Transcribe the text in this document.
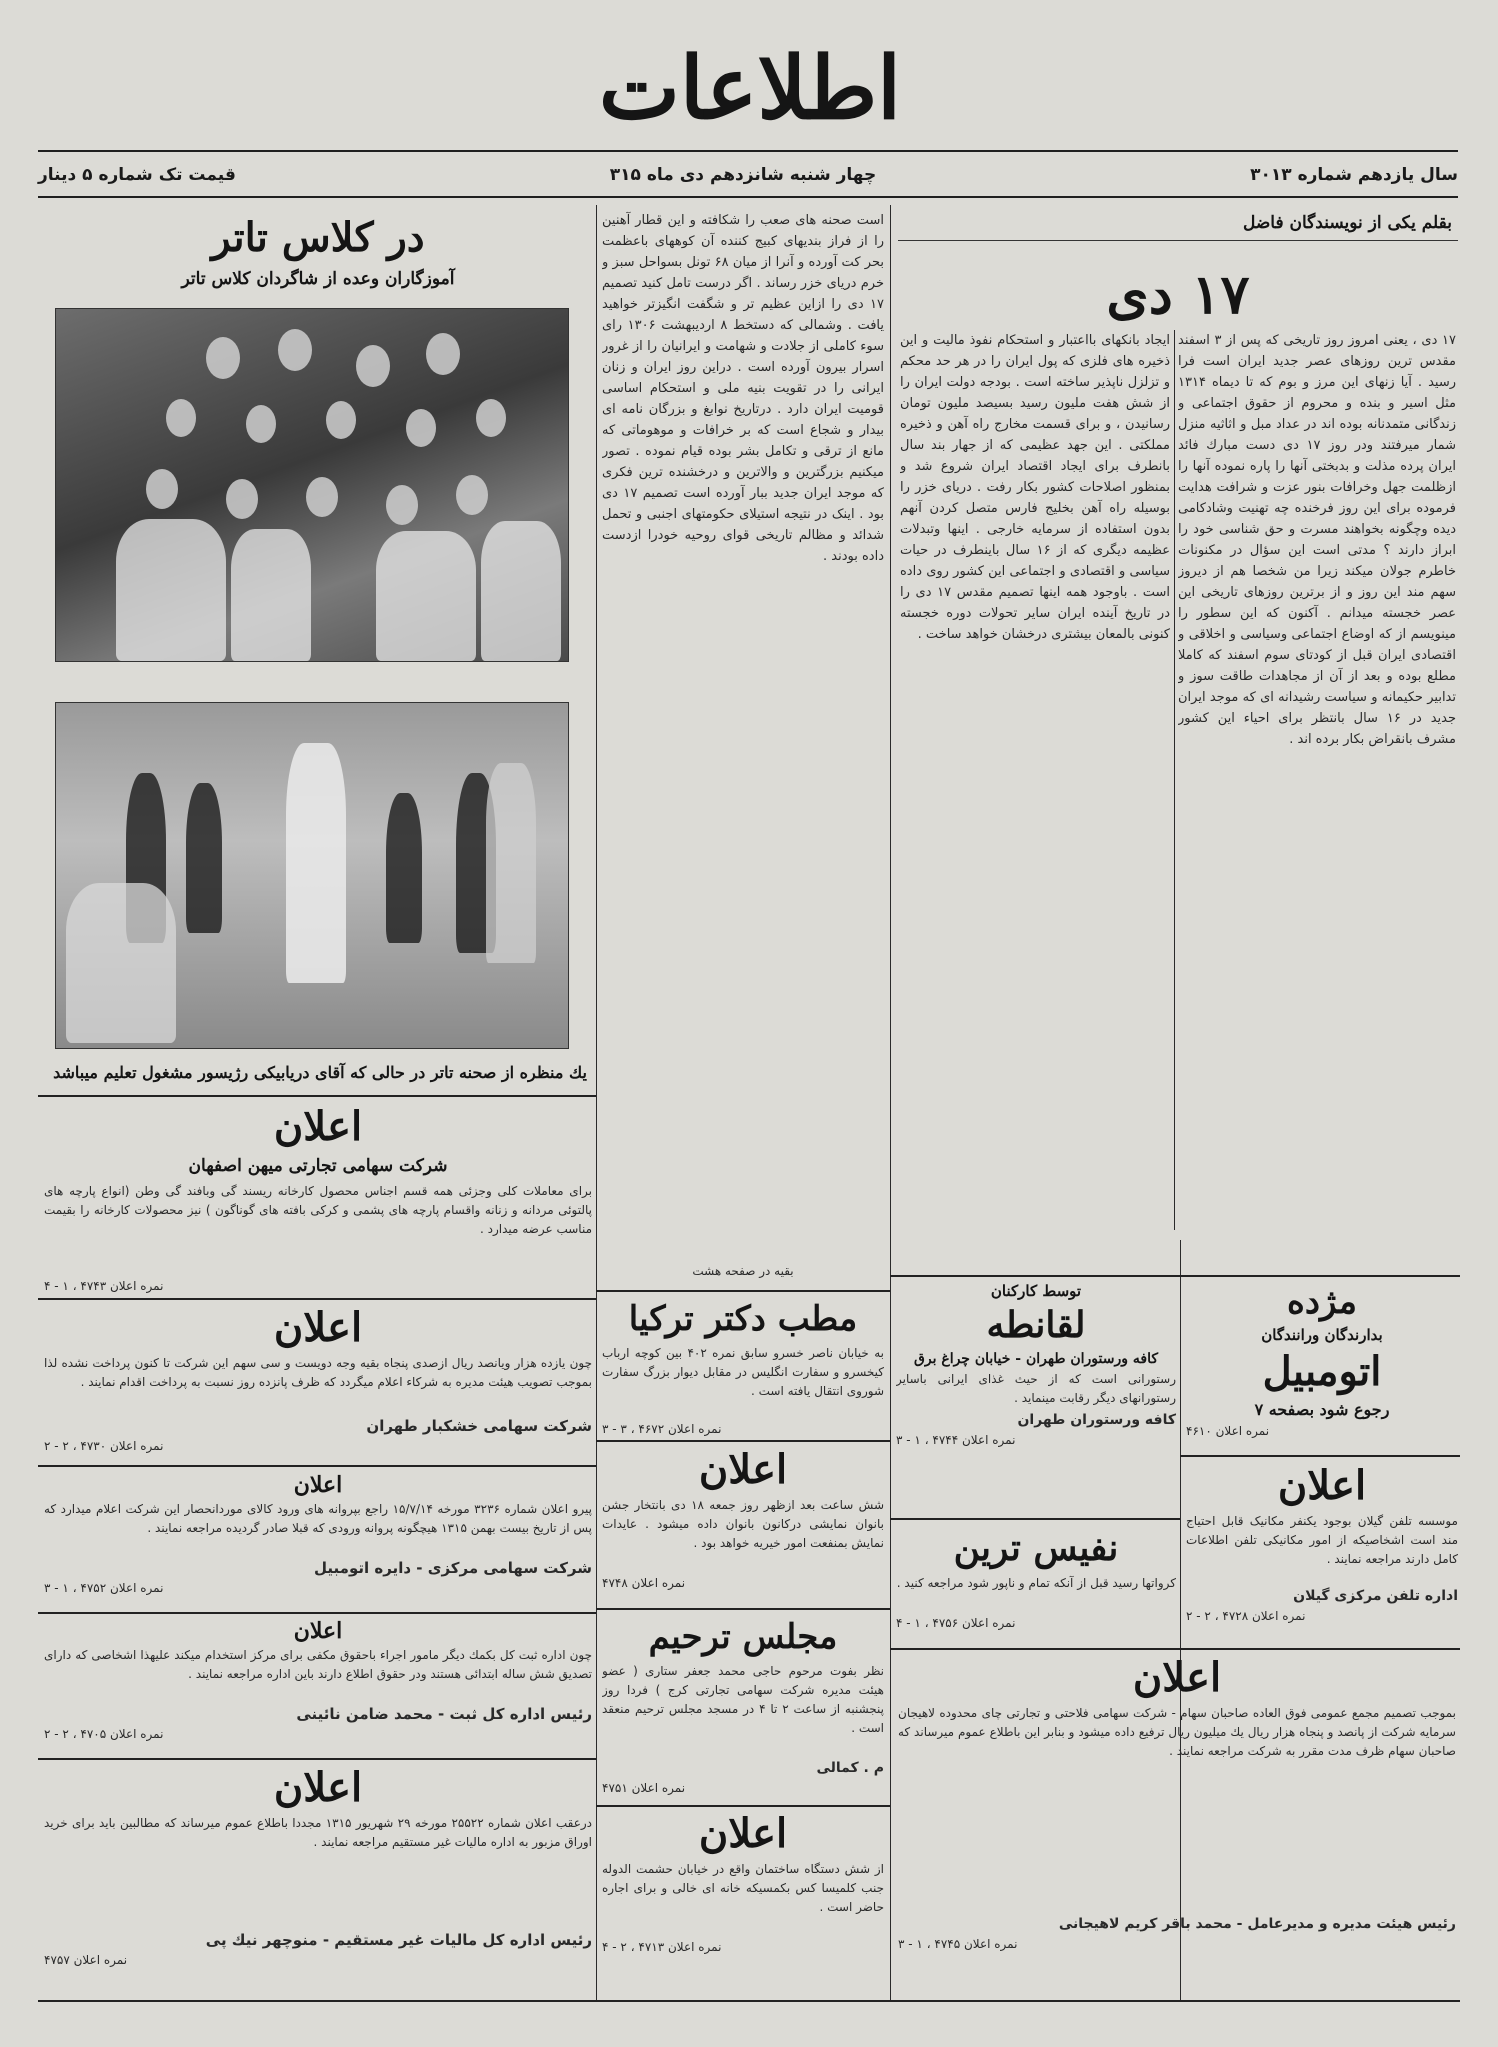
اطلاعات
سال یازدهم شماره ۳۰۱۳
چهار شنبه شانزدهم دی ماه ۳۱۵
قیمت تک شماره ۵ دینار
بقلم یکی از نویسندگان فاضل
۱۷ دی
۱۷ دی ، یعنی امروز روز تاریخی که پس از ۳ اسفند مقدس ترین روزهای عصر جدید ایران است فرا رسید . آیا زنهای این مرز و بوم که تا دیماه ۱۳۱۴ مثل اسیر و بنده و محروم از حقوق اجتماعی و زندگانی متمدنانه بوده اند در عداد مبل و اثاثیه منزل شمار میرفتند ودر روز ۱۷ دی دست مبارك فائد ایران پرده مذلت و بدبختی آنها را پاره نموده آنها را ازظلمت جهل وخرافات بنور عزت و شرافت هدایت فرموده برای این روز فرخنده چه تهنیت وشادکامی دیده وچگونه بخواهند مسرت و حق شناسی خود را ابراز دارند ؟ مدتی است این سؤال در مکنونات خاطرم جولان میکند زیرا من شخصا هم از دیروز سهم مند این روز و از برترین روزهای تاریخی این عصر خجسته میدانم . آکنون که این سطور را مینویسم از که اوضاع اجتماعی وسیاسی و اخلاقی و اقتصادی ایران قبل از کودتای سوم اسفند که کاملا مطلع بوده و بعد از آن از مجاهدات طاقت سوز و تدابیر حکیمانه و سیاست رشیدانه ای که موجد ایران جدید در ۱۶ سال بانتظر برای احیاء این کشور مشرف بانقراض بکار برده اند .
ایجاد بانکهای بااعتبار و استحکام نفوذ مالیت و این ذخیره های فلزی که پول ایران را در هر حد محکم و تزلزل ناپذیر ساخته است . بودجه دولت ایران را از شش هفت ملیون رسید بسیصد ملیون تومان رسانیدن ، و برای قسمت مخارج راه آهن و ذخیره مملکتی . این جهد عظیمی که از جهار بند سال بانطرف برای ایجاد اقتصاد ایران شروع شد و بمنظور اصلاحات کشور بکار رفت . دریای خزر را بوسیله راه آهن بخلیج فارس متصل کردن آنهم بدون استفاده از سرمایه خارجی . اینها وتبدلات عظیمه دیگری که از ۱۶ سال باینطرف در حیات سیاسی و اقتصادی و اجتماعی این کشور روی داده است . باوجود همه اینها تصمیم مقدس ۱۷ دی را در تاریخ آینده ایران سایر تحولات دوره خجسته کنونی بالمعان بیشتری درخشان خواهد ساخت .
است صحنه های صعب را شکافته و این قطار آهنین را از فراز بندیهای کبیج کننده آن کوههای باعظمت بحر کت آورده و آنرا از میان ۶۸ تونل بسواحل سبز و خرم دریای خزر رساند . اگر درست تامل کنید تصمیم ۱۷ دی را ازاین عظیم تر و شگفت انگیزتر خواهید یافت . وشمالی که دستخط ۸ اردیبهشت ۱۳۰۶ رای سوء کاملی از جلادت و شهامت و ایرانیان را از غرور اسرار بیرون آورده است . دراین روز ایران و زنان ایرانی را در تقویت بنیه ملی و استحکام اساسی قومیت ایران دارد . درتاریخ نوابغ و بزرگان نامه ای بیدار و شجاع است که بر خرافات و موهوماتی که مانع از ترقی و تکامل بشر بوده قیام نموده . تصور میکنیم بزرگترین و والاترین و درخشنده ترین فکری که موجد ایران جدید ببار آورده است تصمیم ۱۷ دی بود . اینک در نتیجه استیلای حکومتهای اجنبی و تحمل شدائد و مظالم تاریخی قوای روحیه خودرا ازدست داده بودند .
بقیه در صفحه هشت
در کلاس تاتر
آموزگاران وعده از شاگردان کلاس تاتر
یك منظره از صحنه تاتر در حالی که آقای دریابیکی رژیسور مشغول تعلیم میباشد
اعلان
شرکت سهامی تجارتی میهن اصفهان
برای معاملات کلی وجزئی همه قسم اجناس محصول کارخانه ریسند گی وبافند گی وطن (انواع پارچه های پالتوئی مردانه و زنانه واقسام پارچه های پشمی و کرکی بافته های گوناگون ) نیز محصولات کارخانه را بقیمت مناسب عرضه میدارد .
نمره اعلان ۴۷۴۳ ، ۱ - ۴
اعلان
چون یازده هزار ویانصد ریال ازصدی پنجاه بقیه وجه دویست و سی سهم این شرکت تا کنون پرداخت نشده لذا بموجب تصویب هیئت مدیره به شرکاء اعلام میگردد که ظرف پانزده روز نسبت به پرداخت اقدام نمایند .
شرکت سهامی خشکبار طهران
نمره اعلان ۴۷۳۰ ، ۲ - ۲
اعلان
پیرو اعلان شماره ۳۲۳۶ مورخه ۱۵/۷/۱۴ راجع بپروانه های ورود کالای موردانحصار این شرکت اعلام میدارد که پس از تاریخ بیست بهمن ۱۳۱۵ هیچگونه پروانه ورودی که قبلا صادر گردیده مراجعه نمایند .
شرکت سهامی مرکزی - دایره اتومبیل
نمره اعلان ۴۷۵۲ ، ۱ - ۳
اعلان
چون اداره ثبت کل بکمك دیگر مامور اجراء باحقوق مکفی برای مرکز استخدام میکند علیهذا اشخاصی که دارای تصدیق شش ساله ابتدائی هستند ودر حقوق اطلاع دارند باین اداره مراجعه نمایند .
رئیس اداره کل ثبت - محمد ضامن نائینی
نمره اعلان ۴۷۰۵ ، ۲ - ۲
اعلان
درعقب اعلان شماره ۲۵۵۲۲ مورخه ۲۹ شهریور ۱۳۱۵ مجددا باطلاع عموم میرساند که مطالبین باید برای خرید اوراق مزبور به اداره مالیات غیر مستقیم مراجعه نمایند .
رئیس اداره کل مالیات غیر مستقیم - منوچهر نیك پی
نمره اعلان ۴۷۵۷
مطب دکتر ترکیا
به خیابان ناصر خسرو سابق نمره ۴۰۲ بین کوچه ارباب کیخسرو و سفارت انگلیس در مقابل دیوار بزرگ سفارت شوروی انتقال یافته است .
نمره اعلان ۴۶۷۲ ، ۳ - ۳
اعلان
شش ساعت بعد ازظهر روز جمعه ۱۸ دی بانتخار جشن بانوان نمایشی درکانون بانوان داده میشود . عایدات نمایش بمنفعت امور خیریه خواهد بود .
نمره اعلان ۴۷۴۸
مجلس ترحیم
نظر بفوت مرحوم حاجی محمد جعفر ستاری ( عضو هیئت مدیره شرکت سهامی تجارتی کرج ) فردا روز پنجشنبه از ساعت ۲ تا ۴ در مسجد مجلس ترحیم منعقد است .
م . کمالی
نمره اعلان ۴۷۵۱
اعلان
از شش دستگاه ساختمان واقع در خیابان حشمت الدوله جنب کلمیسا کس بکمسیکه خانه ای خالی و برای اجاره حاضر است .
نمره اعلان ۴۷۱۳ ، ۲ - ۴
توسط کارکنان
لقانطه
کافه ورستوران طهران - خیابان چراغ برق
رستورانی است که از حیث غذای ایرانی باسایر رستورانهای دیگر رقابت مینماید .
کافه ورستوران طهران
نمره اعلان ۴۷۴۴ ، ۱ - ۳
نفیس ترین
کرواتها رسید قبل از آنکه تمام و ناپور شود مراجعه کنید .
نمره اعلان ۴۷۵۶ ، ۱ - ۴
مژده
بدارندگان ورانندگان
اتومبیل
رجوع شود بصفحه ۷
نمره اعلان ۴۶۱۰
اعلان
موسسه تلفن گیلان بوجود یکنفر مکانیک قابل احتیاج مند است اشخاصیکه از امور مکانیکی تلفن اطلاعات کامل دارند مراجعه نمایند .
اداره تلفن مرکزی گیلان
نمره اعلان ۴۷۲۸ ، ۲ - ۲
اعلان
بموجب تصمیم مجمع عمومی فوق العاده صاحبان سهام - شرکت سهامی فلاحتی و تجارتی چای محدوده لاهیجان سرمایه شرکت از پانصد و پنجاه هزار ریال یك میلیون ریال ترفیع داده میشود و بنابر این باطلاع عموم میرساند که صاحبان سهام ظرف مدت مقرر به شرکت مراجعه نمایند .
رئیس هیئت مدیره و مدیرعامل - محمد باقر کریم لاهیجانی
نمره اعلان ۴۷۴۵ ، ۱ - ۳
